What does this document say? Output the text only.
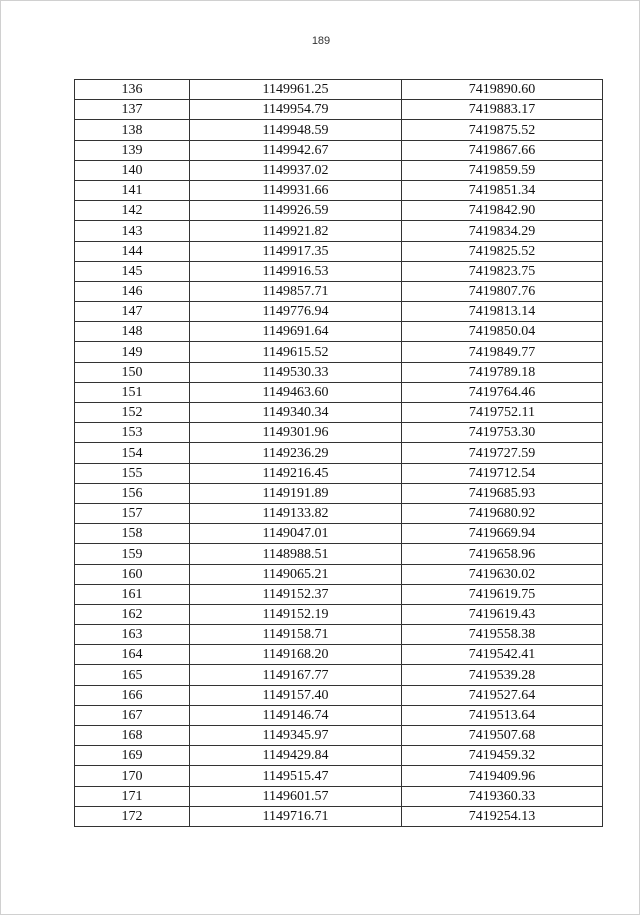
189
136	1149961.25	7419890.60
137	1149954.79	7419883.17
138	1149948.59	7419875.52
139	1149942.67	7419867.66
140	1149937.02	7419859.59
141	1149931.66	7419851.34
142	1149926.59	7419842.90
143	1149921.82	7419834.29
144	1149917.35	7419825.52
145	1149916.53	7419823.75
146	1149857.71	7419807.76
147	1149776.94	7419813.14
148	1149691.64	7419850.04
149	1149615.52	7419849.77
150	1149530.33	7419789.18
151	1149463.60	7419764.46
152	1149340.34	7419752.11
153	1149301.96	7419753.30
154	1149236.29	7419727.59
155	1149216.45	7419712.54
156	1149191.89	7419685.93
157	1149133.82	7419680.92
158	1149047.01	7419669.94
159	1148988.51	7419658.96
160	1149065.21	7419630.02
161	1149152.37	7419619.75
162	1149152.19	7419619.43
163	1149158.71	7419558.38
164	1149168.20	7419542.41
165	1149167.77	7419539.28
166	1149157.40	7419527.64
167	1149146.74	7419513.64
168	1149345.97	7419507.68
169	1149429.84	7419459.32
170	1149515.47	7419409.96
171	1149601.57	7419360.33
172	1149716.71	7419254.13
